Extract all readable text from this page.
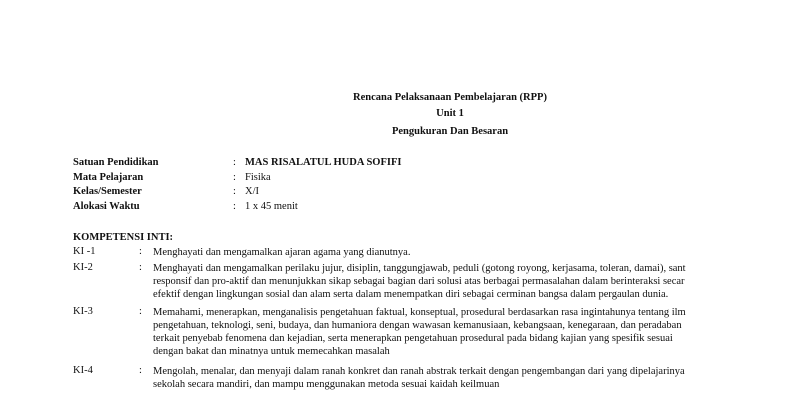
Rencana Pelaksanaan Pembelajaran (RPP)
Unit 1
Pengukuran Dan Besaran
Satuan Pendidikan	: MAS RISALATUL HUDA SOFIFI
Mata Pelajaran	: Fisika
Kelas/Semester	: X/I
Alokasi Waktu	: 1 x 45 menit
KOMPETENSI INTI:
KI -1	: Menghayati dan mengamalkan ajaran agama yang dianutnya.
KI-2	: Menghayati dan mengamalkan perilaku jujur, disiplin, tanggungjawab, peduli (gotong royong, kerjasama, toleran, damai), sant
responsif dan pro-aktif dan menunjukkan sikap sebagai bagian dari solusi atas berbagai permasalahan dalam berinteraksi secar
efektif dengan lingkungan sosial dan alam serta dalam menempatkan diri sebagai cerminan bangsa dalam pergaulan dunia.
KI-3	: Memahami, menerapkan, menganalisis pengetahuan faktual, konseptual, prosedural berdasarkan rasa ingintahunya tentang ilm
pengetahuan, teknologi, seni, budaya, dan humaniora dengan wawasan kemanusiaan, kebangsaan, kenegaraan, dan peradaban
terkait penyebab fenomena dan kejadian, serta menerapkan pengetahuan prosedural pada bidang kajian yang spesifik sesuai
dengan bakat dan minatnya untuk memecahkan masalah
KI-4	: Mengolah, menalar, dan menyaji dalam ranah konkret dan ranah abstrak terkait dengan pengembangan dari yang dipelajarinya
sekolah secara mandiri, dan mampu menggunakan metoda sesuai kaidah keilmuan
